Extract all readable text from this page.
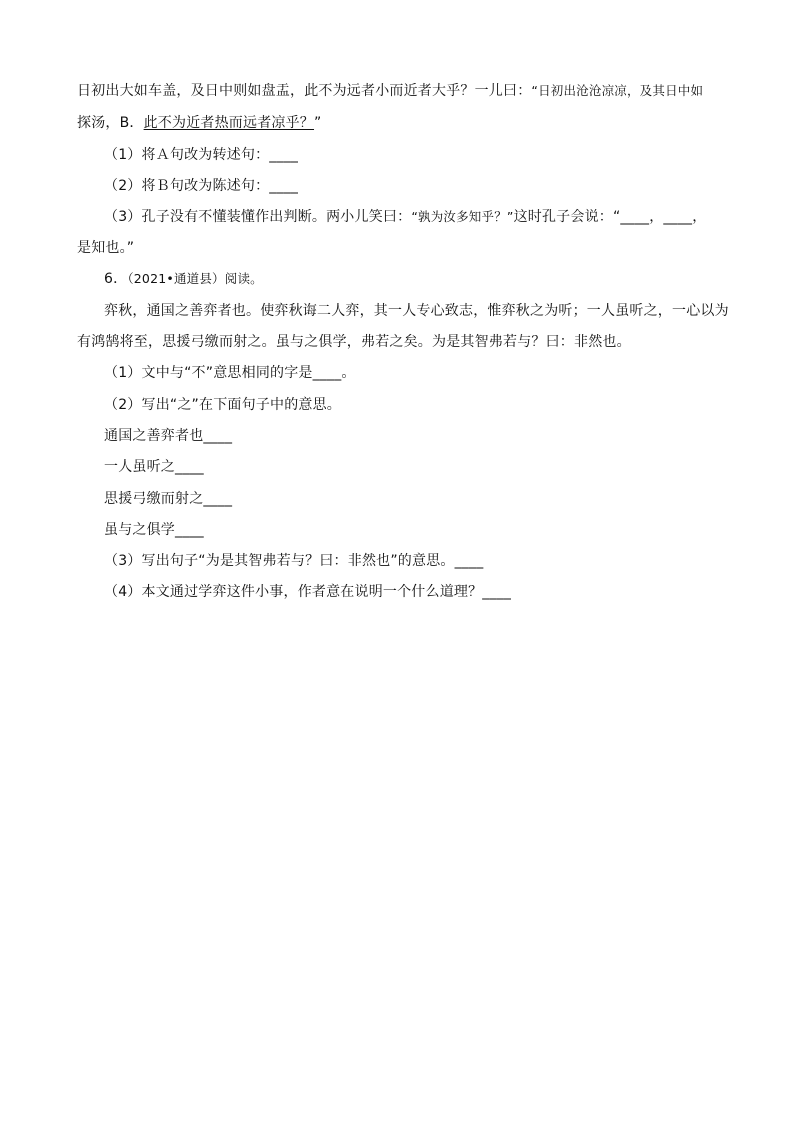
日初出大如车盖，及日中则如盘盂，此不为远者小而近者大乎？一儿曰：“日初出沧沧凉凉，及其日中如
探汤，B．此不为近者热而远者凉乎？”
（1）将Ａ句改为转述句：____
（2）将Ｂ句改为陈述句：____
（3）孔子没有不懂装懂作出判断。两小儿笑曰：“孰为汝多知乎？”这时孔子会说：“____，____，
是知也。”
6．（2021•通道县）阅读。
弈秋，通国之善弈者也。使弈秋诲二人弈，其一人专心致志，惟弈秋之为听；一人虽听之，一心以为
有鸿鹄将至，思援弓缴而射之。虽与之俱学，弗若之矣。为是其智弗若与？曰：非然也。
（1）文中与“不”意思相同的字是____。
（2）写出“之”在下面句子中的意思。
通国之善弈者也____
一人虽听之____
思援弓缴而射之____
虽与之俱学____
（3）写出句子“为是其智弗若与？曰：非然也”的意思。____
（4）本文通过学弈这件小事，作者意在说明一个什么道理？____
